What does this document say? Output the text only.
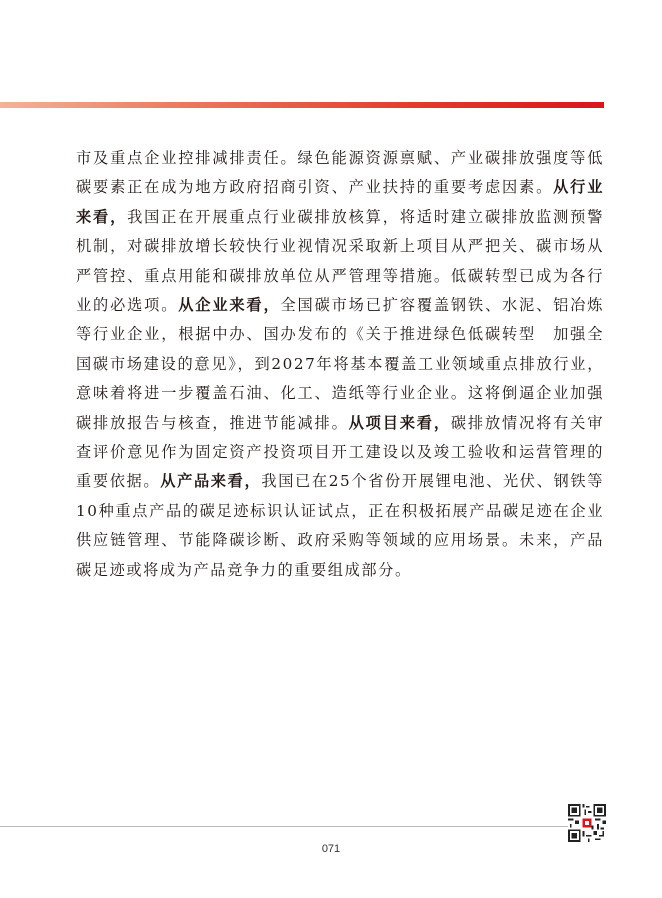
市及重点企业控排减排责任。绿色能源资源禀赋、产业碳排放强度等低碳要素正在成为地方政府招商引资、产业扶持的重要考虑因素。从行业来看，我国正在开展重点行业碳排放核算，将适时建立碳排放监测预警机制，对碳排放增长较快行业视情况采取新上项目从严把关、碳市场从严管控、重点用能和碳排放单位从严管理等措施。低碳转型已成为各行业的必选项。从企业来看，全国碳市场已扩容覆盖钢铁、水泥、铝冶炼等行业企业，根据中办、国办发布的《关于推进绿色低碳转型　加强全国碳市场建设的意见》，到2027年将基本覆盖工业领域重点排放行业，意味着将进一步覆盖石油、化工、造纸等行业企业。这将倒逼企业加强碳排放报告与核查，推进节能减排。从项目来看，碳排放情况将有关审查评价意见作为固定资产投资项目开工建设以及竣工验收和运营管理的重要依据。从产品来看，我国已在25个省份开展锂电池、光伏、钢铁等10种重点产品的碳足迹标识认证试点，正在积极拓展产品碳足迹在企业供应链管理、节能降碳诊断、政府采购等领域的应用场景。未来，产品碳足迹或将成为产品竞争力的重要组成部分。

071
